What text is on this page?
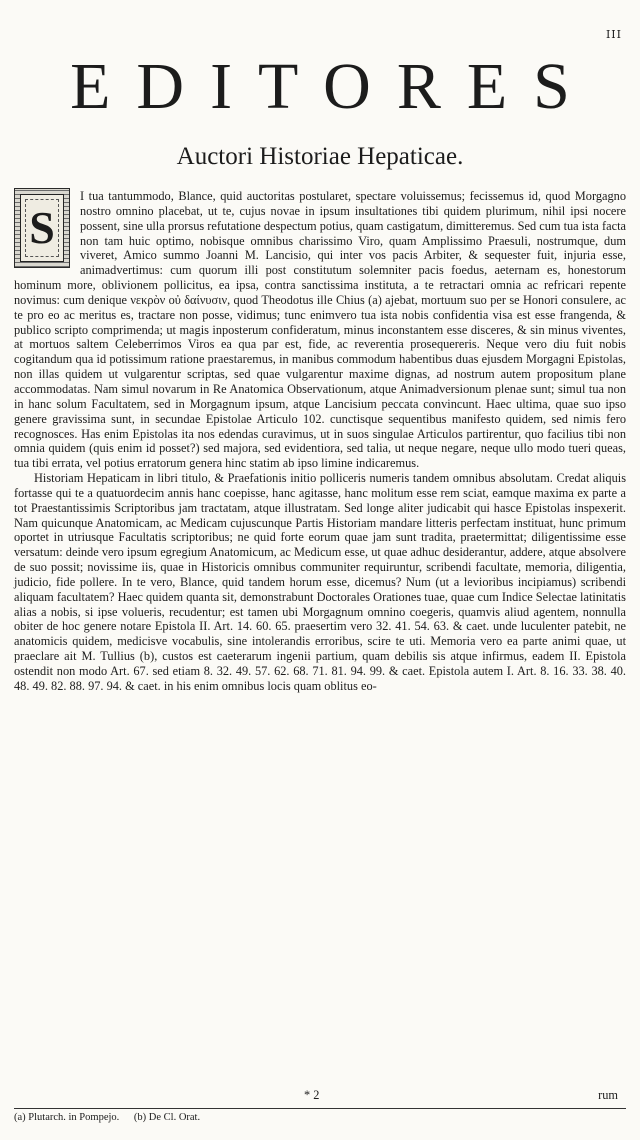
III
EDITORES
Auctori Historiae Hepaticae.
S

I tua tantummodo, Blance, quid auctoritas postularet, spectare voluissemus; fecissemus id, quod Morgagno nostro omnino placebat, ut te, cujus novae in ipsum insultationes tibi quidem plurimum, nihil ipsi nocere possent, sine ulla prorsus refutatione despectum potius, quam castigatum, dimitteremus. Sed cum tua ista facta non tam huic optimo, nobisque omnibus charissimo Viro, quam Amplissimo Praesuli, nostrumque, dum viveret, Amico summo Joanni M. Lancisio, qui inter vos pacis Arbiter, & sequester fuit, injuria esse, animadvertimus: cum quorum illi post constitutum solemniter pacis foedus, aeternam es, honestorum hominum more, oblivionem pollicitus, ea ipsa, contra sanctissima instituta, a te retractari omnia ac refricari repente novimus: cum denique νεκρὸν οὐ δαίνυσιν, quod Theodotus ille Chius (a) ajebat, mortuum suo per se Honori consulere, ac te pro eo ac meritus es, tractare non posse, vidimus; tunc enimvero tua ista nobis confidentia visa est esse frangenda, & publico scripto comprimenda; ut magis inposterum confideratum, minus inconstantem esse disceres, & sin minus viventes, at mortuos saltem Celeberrimos Viros ea qua par est, fide, ac reverentia prosequereris. Neque vero diu fuit nobis cogitandum qua id potissimum ratione praestaremus, in manibus commodum habentibus duas ejusdem Morgagni Epistolas, non illas quidem ut vulgarentur scriptas, sed quae vulgarentur maxime dignas, ad nostrum autem propositum plane accommodatas. Nam simul novarum in Re Anatomica Observationum, atque Animadversionum plenae sunt; simul tua non in hanc solum Facultatem, sed in Morgagnum ipsum, atque Lancisium peccata convincunt. Haec ultima, quae suo ipso genere gravissima sunt, in secundae Epistolae Articulo 102. cunctisque sequentibus manifesto quidem, sed nimis fero recognosces. Has enim Epistolas ita nos edendas curavimus, ut in suos singulae Articulos partirentur, quo facilius tibi non omnia quidem (quis enim id posset?) sed majora, sed evidentiora, sed talia, ut neque negare, neque ullo modo tueri queas, tua tibi errata, vel potius erratorum genera hinc statim ab ipso limine indicaremus.

Historiam Hepaticam in libri titulo, & Praefationis initio polliceris numeris tandem omnibus absolutam. Credat aliquis fortasse qui te a quatuordecim annis hanc coepisse, hanc agitasse, hanc molitum esse rem sciat, eamque maxima ex parte a tot Praestantissimis Scriptoribus jam tractatam, atque illustratam. Sed longe aliter judicabit qui hasce Epistolas inspexerit. Nam quicunque Anatomicam, ac Medicam cujuscunque Partis Historiam mandare litteris perfectam instituat, hunc primum oportet in utriusque Facultatis scriptoribus; ne quid forte eorum quae jam sunt tradita, praetermittat; diligentissime esse versatum: deinde vero ipsum egregium Anatomicum, ac Medicum esse, ut quae adhuc desiderantur, addere, atque absolvere de suo possit; novissime iis, quae in Historicis omnibus communiter requiruntur, scribendi facultate, memoria, diligentia, judicio, fide pollere. In te vero, Blance, quid tandem horum esse, dicemus? Num (ut a levioribus incipiamus) scribendi aliquam facultatem? Haec quidem quanta sit, demonstrabunt Doctorales Orationes tuae, quae cum Indice Selectae latinitatis alias a nobis, si ipse volueris, recudentur; est tamen ubi Morgagnum omnino coegeris, quamvis aliud agentem, nonnulla obiter de hoc genere notare Epistola II. Art. 14. 60. 65. praesertim vero 32. 41. 54. 63. & caet. unde luculenter patebit, ne anatomicis quidem, medicisve vocabulis, sine intolerandis erroribus, scire te uti. Memoria vero ea parte animi quae, ut praeclare ait M. Tullius (b), custos est caeterarum ingenii partium, quam debilis sis atque infirmus, eadem II. Epistola ostendit non modo Art. 67. sed etiam 8. 32. 49. 57. 62. 68. 71. 81. 94. 99. & caet. Epistola autem I. Art. 8. 16. 33. 38. 40. 48. 49. 82. 88. 97. 94. & caet. in his enim omnibus locis quam oblitus eo-

* 2	rum
(a) Plutarch. in Pompejo. (b) De Cl. Orat.
